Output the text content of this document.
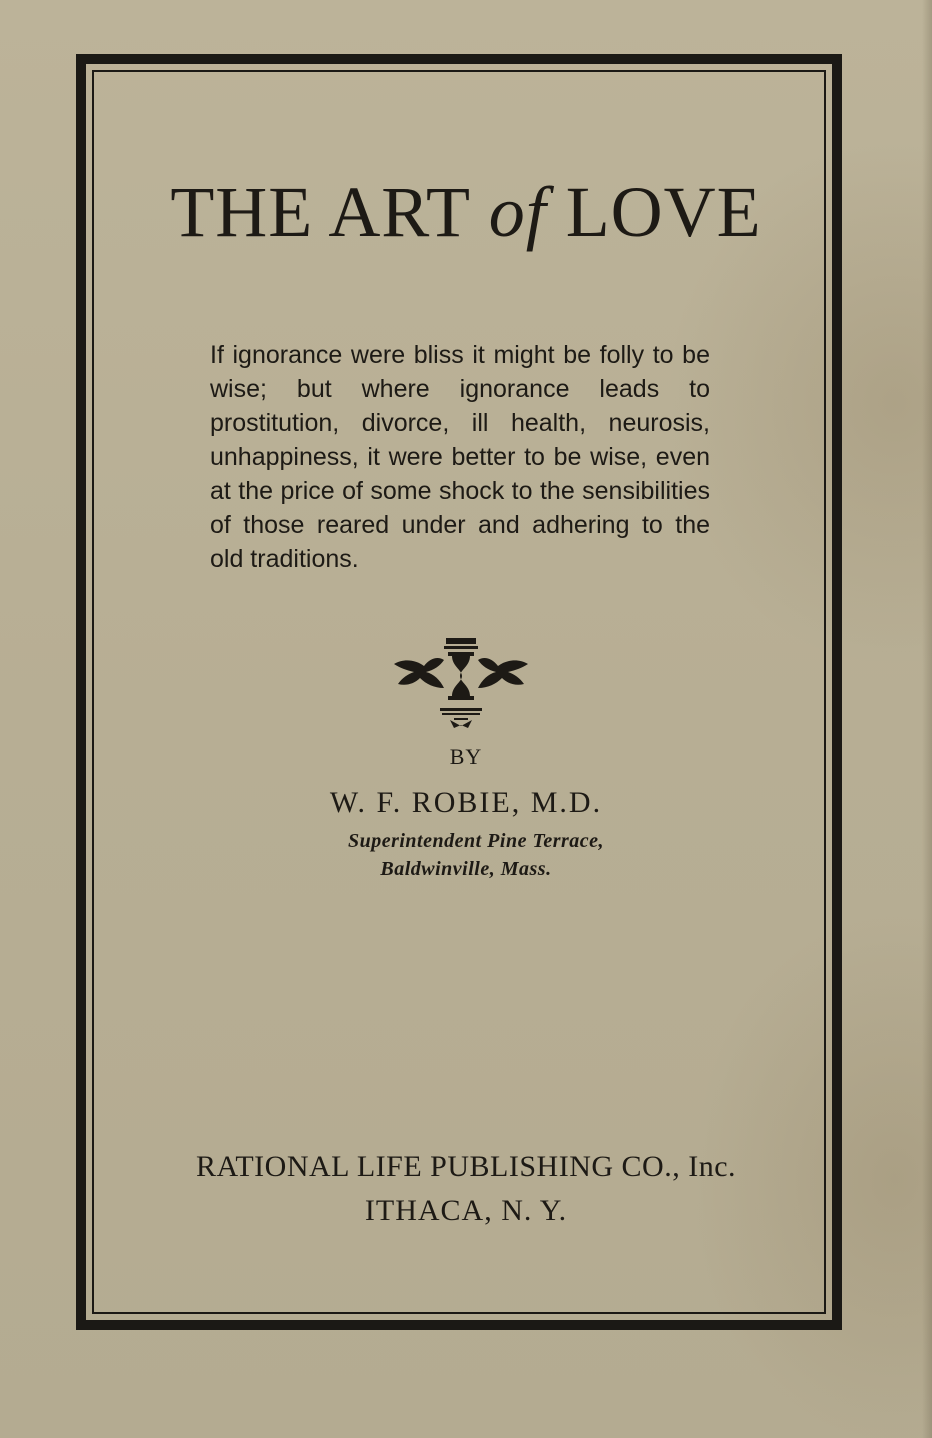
THE ART of LOVE

If ignorance were bliss it might be folly to be wise; but where ignorance leads to prostitution, divorce, ill health, neurosis, unhappiness, it were better to be wise, even at the price of some shock to the sensibilities of those reared under and adhering to the old traditions.

BY
W. F. ROBIE, M.D.
Superintendent Pine Terrace,
Baldwinville, Mass.
RATIONAL LIFE PUBLISHING CO., Inc.
ITHACA, N. Y.
